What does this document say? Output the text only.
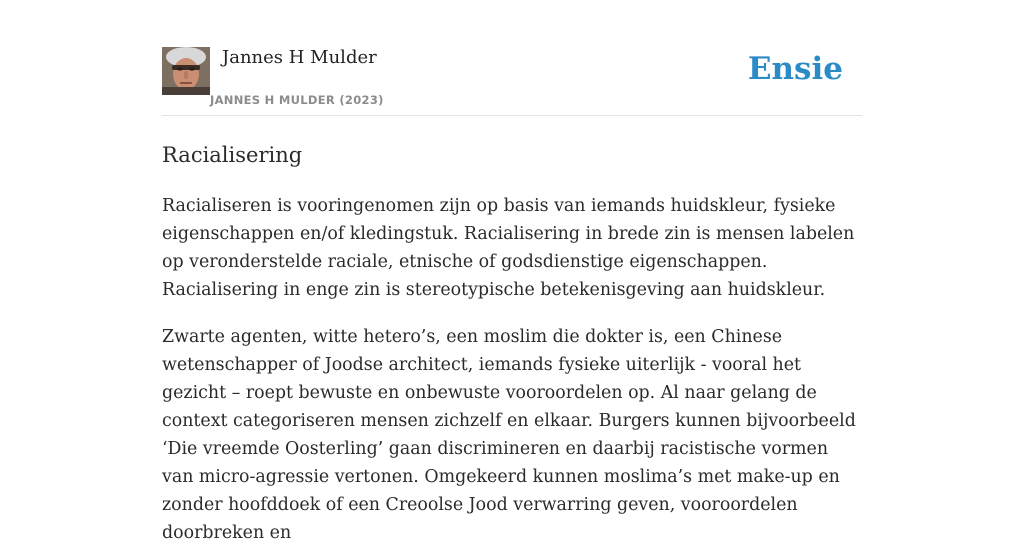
Jannes H Mulder
JANNES H MULDER (2023)
Ensie
Racialisering

Racialiseren is vooringenomen zijn op basis van iemands huidskleur, fysieke eigenschappen en/of kledingstuk. Racialisering in brede zin is mensen labelen op veronderstelde raciale, etnische of godsdienstige eigenschappen. Racialisering in enge zin is stereotypische betekenisgeving aan huidskleur.

Zwarte agenten, witte hetero’s, een moslim die dokter is, een Chinese wetenschapper of Joodse architect, iemands fysieke uiterlijk - vooral het gezicht – roept bewuste en onbewuste vooroordelen op. Al naar gelang de context categoriseren mensen zichzelf en elkaar. Burgers kunnen bijvoorbeeld ‘Die vreemde Oosterling’ gaan discrimineren en daarbij racistische vormen van micro-agressie vertonen. Omgekeerd kunnen moslima’s met make-up en zonder hoofddoek of een Creoolse Jood verwarring geven, vooroordelen doorbreken en
